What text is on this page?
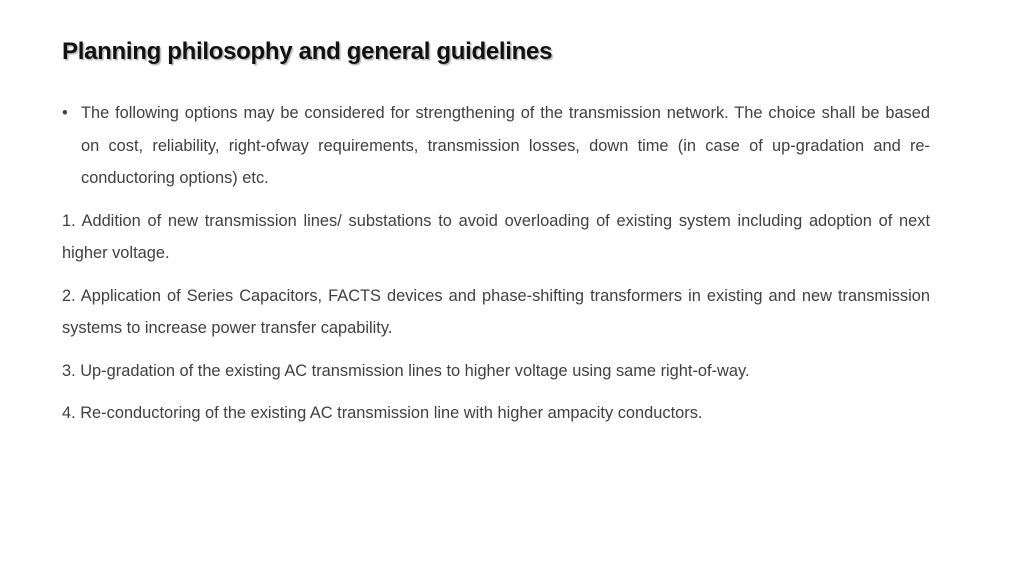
Planning philosophy and general guidelines
• The following options may be considered for strengthening of the transmission network. The choice shall be based on cost, reliability, right-ofway requirements, transmission losses, down time (in case of up-gradation and re-conductoring options) etc.

1. Addition of new transmission lines/ substations to avoid overloading of existing system including adoption of next higher voltage.

2. Application of Series Capacitors, FACTS devices and phase-shifting transformers in existing and new transmission systems to increase power transfer capability.

3. Up-gradation of the existing AC transmission lines to higher voltage using same right-of-way.

4. Re-conductoring of the existing AC transmission line with higher ampacity conductors.
